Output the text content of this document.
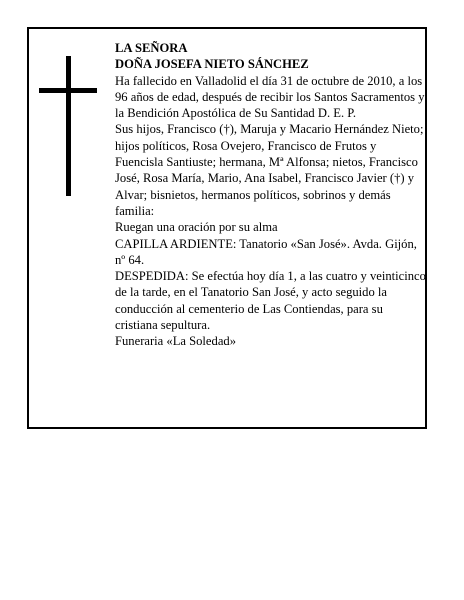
LA SEÑORA

DOÑA JOSEFA NIETO SÁNCHEZ

Ha fallecido en Valladolid el día 31 de octubre de 2010, a los 96 años de edad, después de recibir los Santos Sacramentos y la Bendición Apostólica de Su Santidad D. E. P.

Sus hijos, Francisco (†), Maruja y Macario Hernández Nieto; hijos políticos, Rosa Ovejero, Francisco de Frutos y Fuencisla Santiuste; hermana, Mª Alfonsa; nietos, Francisco José, Rosa María, Mario, Ana Isabel, Francisco Javier (†) y Alvar; bisnietos, hermanos políticos, sobrinos y demás familia:

Ruegan una oración por su alma

CAPILLA ARDIENTE: Tanatorio «San José». Avda. Gijón, nº 64.

DESPEDIDA: Se efectúa hoy día 1, a las cuatro y veinticinco de la tarde, en el Tanatorio San José, y acto seguido la conducción al cementerio de Las Contiendas, para su cristiana sepultura.

Funeraria «La Soledad»
